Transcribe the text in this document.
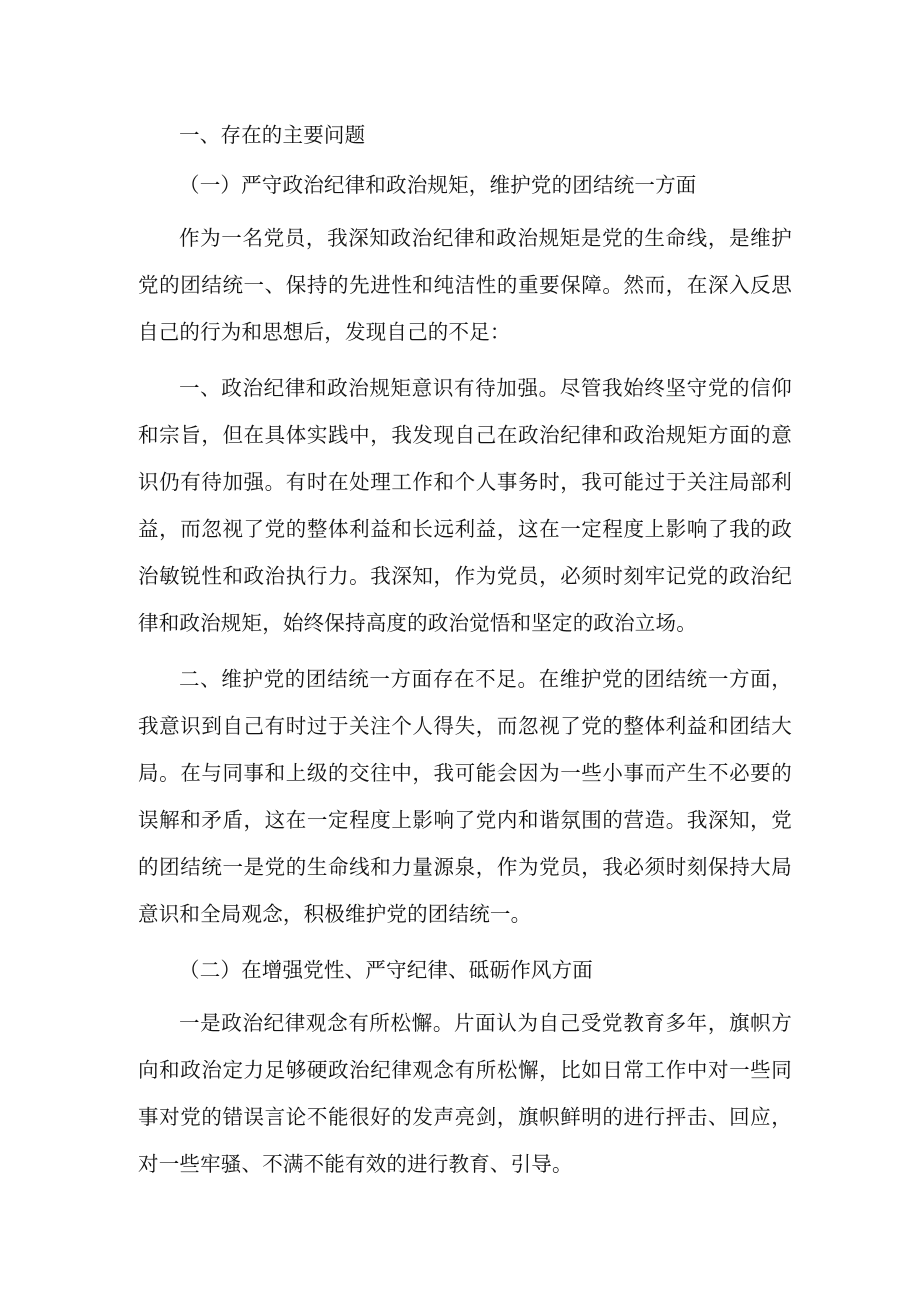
一、存在的主要问题

（一）严守政治纪律和政治规矩，维护党的团结统一方面

作为一名党员，我深知政治纪律和政治规矩是党的生命线，是维护党的团结统一、保持的先进性和纯洁性的重要保障。然而，在深入反思自己的行为和思想后，发现自己的不足：

一、政治纪律和政治规矩意识有待加强。尽管我始终坚守党的信仰和宗旨，但在具体实践中，我发现自己在政治纪律和政治规矩方面的意识仍有待加强。有时在处理工作和个人事务时，我可能过于关注局部利益，而忽视了党的整体利益和长远利益，这在一定程度上影响了我的政治敏锐性和政治执行力。我深知，作为党员，必须时刻牢记党的政治纪律和政治规矩，始终保持高度的政治觉悟和坚定的政治立场。

二、维护党的团结统一方面存在不足。在维护党的团结统一方面，我意识到自己有时过于关注个人得失，而忽视了党的整体利益和团结大局。在与同事和上级的交往中，我可能会因为一些小事而产生不必要的误解和矛盾，这在一定程度上影响了党内和谐氛围的营造。我深知，党的团结统一是党的生命线和力量源泉，作为党员，我必须时刻保持大局意识和全局观念，积极维护党的团结统一。

（二）在增强党性、严守纪律、砥砺作风方面

一是政治纪律观念有所松懈。片面认为自己受党教育多年，旗帜方向和政治定力足够硬政治纪律观念有所松懈，比如日常工作中对一些同事对党的错误言论不能很好的发声亮剑，旗帜鲜明的进行抨击、回应，对一些牢骚、不满不能有效的进行教育、引导。
